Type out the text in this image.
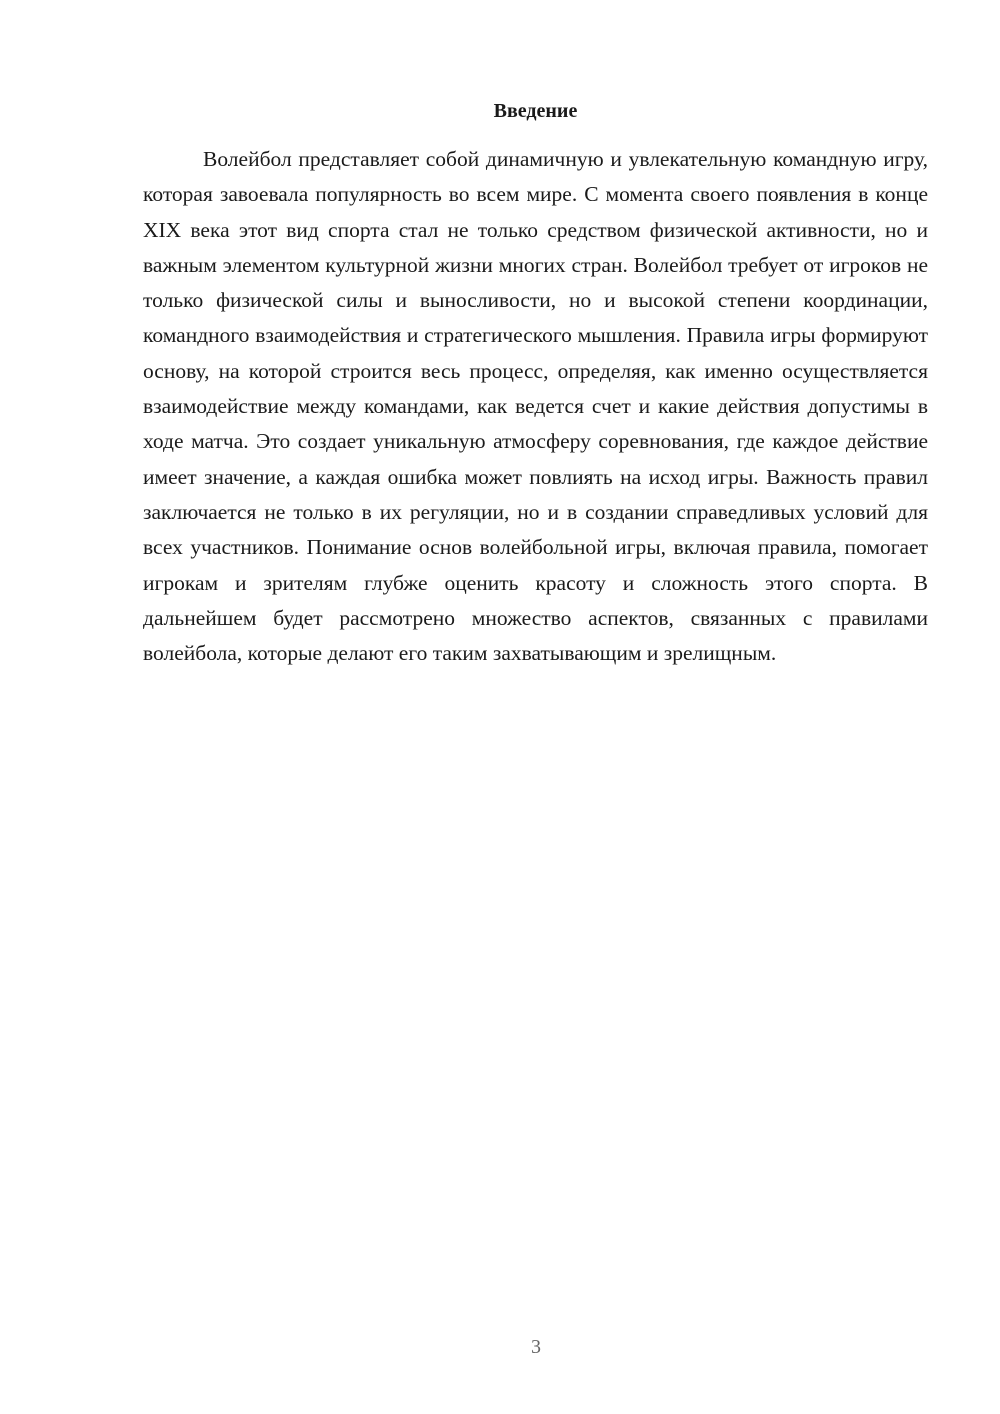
Введение

Волейбол представляет собой динамичную и увлекательную командную игру, которая завоевала популярность во всем мире. С момента своего появления в конце XIX века этот вид спорта стал не только средством физической активности, но и важным элементом культурной жизни многих стран. Волейбол требует от игроков не только физической силы и выносливости, но и высокой степени координации, командного взаимодействия и стратегического мышления. Правила игры формируют основу, на которой строится весь процесс, определяя, как именно осуществляется взаимодействие между командами, как ведется счет и какие действия допустимы в ходе матча. Это создает уникальную атмосферу соревнования, где каждое действие имеет значение, а каждая ошибка может повлиять на исход игры. Важность правил заключается не только в их регуляции, но и в создании справедливых условий для всех участников. Понимание основ волейбольной игры, включая правила, помогает игрокам и зрителям глубже оценить красоту и сложность этого спорта. В дальнейшем будет рассмотрено множество аспектов, связанных с правилами волейбола, которые делают его таким захватывающим и зрелищным.

3
